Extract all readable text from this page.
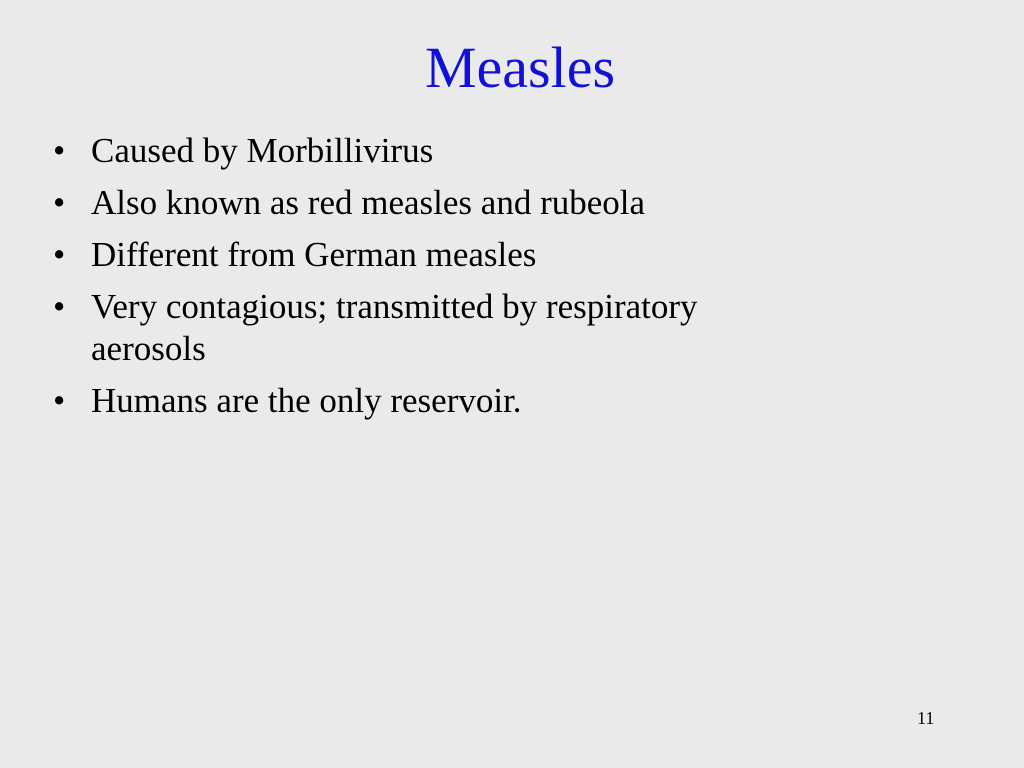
Measles
• Caused by Morbillivirus
• Also known as red measles and rubeola
• Different from German measles
• Very contagious; transmitted by respiratory aerosols
• Humans are the only reservoir.
11
